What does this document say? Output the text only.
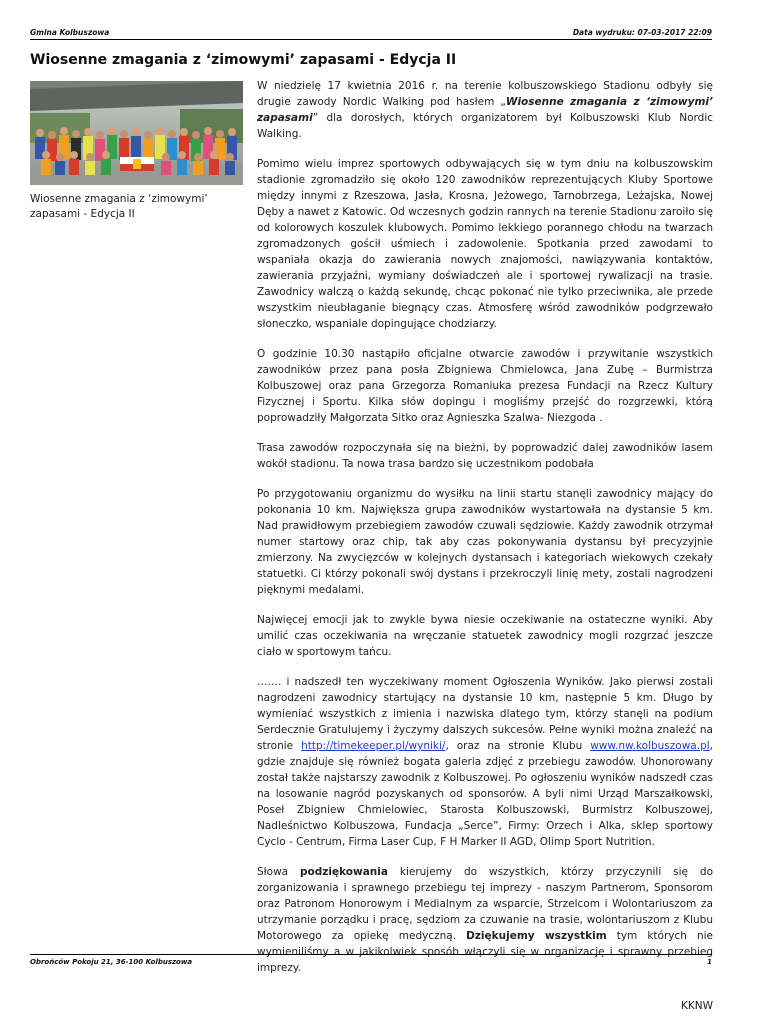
Gmina Kolbuszowa	Data wydruku: 07-03-2017 22:09
Wiosenne zmagania z ‘zimowymi’ zapasami - Edycja II
Wiosenne zmagania z ‘zimowymi’ zapasami - Edycja II

W niedzielę 17 kwietnia 2016 r. na terenie kolbuszowskiego Stadionu odbyły się drugie zawody Nordic Walking pod hasłem „Wiosenne zmagania z ‘zimowymi’ zapasami” dla dorosłych, których organizatorem był Kolbuszowski Klub Nordic Walking.

Pomimo wielu imprez sportowych odbywających się w tym dniu na kolbuszowskim stadionie zgromadziło się około 120 zawodników reprezentujących Kluby Sportowe między innymi z Rzeszowa, Jasła, Krosna, Jeżowego, Tarnobrzega, Leżajska, Nowej Dęby a nawet z Katowic. Od wczesnych godzin rannych na terenie Stadionu zaroiło się od kolorowych koszulek klubowych. Pomimo lekkiego porannego chłodu na twarzach zgromadzonych gościł uśmiech i zadowolenie. Spotkania przed zawodami to wspaniała okazja do zawierania nowych znajomości, nawiązywania kontaktów, zawierania przyjaźni, wymiany doświadczeń ale i sportowej rywalizacji na trasie. Zawodnicy walczą o każdą sekundę, chcąc pokonać nie tylko przeciwnika, ale przede wszystkim nieubłaganie biegnący czas. Atmosferę wśród zawodników podgrzewało słoneczko, wspaniale dopingujące chodziarzy.

O godzinie 10.30 nastąpiło oficjalne otwarcie zawodów i przywitanie wszystkich zawodników przez pana posła Zbigniewa Chmielowca, Jana Zubę – Burmistrza Kolbuszowej oraz pana Grzegorza Romaniuka prezesa Fundacji na Rzecz Kultury Fizycznej i Sportu. Kilka słów dopingu i mogliśmy przejść do rozgrzewki, którą poprowadziły Małgorzata Sitko oraz Agnieszka Szalwa- Niezgoda .

Trasa zawodów rozpoczynała się na bieżni, by poprowadzić dalej zawodników lasem wokół stadionu. Ta nowa trasa bardzo się uczestnikom podobała

Po przygotowaniu organizmu do wysiłku na linii startu stanęli zawodnicy mający do pokonania 10 km. Największa grupa zawodników wystartowała na dystansie 5 km. Nad prawidłowym przebiegiem zawodów czuwali sędziowie. Każdy zawodnik otrzymał numer startowy oraz chip, tak aby czas pokonywania dystansu był precyzyjnie zmierzony. Na zwycięzców w kolejnych dystansach i kategoriach wiekowych czekały statuetki. Ci którzy pokonali swój dystans i przekroczyli linię mety, zostali nagrodzeni pięknymi medalami.

Najwięcej emocji jak to zwykle bywa niesie oczekiwanie na ostateczne wyniki. Aby umilić czas oczekiwania na wręczanie statuetek zawodnicy mogli rozgrzać jeszcze ciało w sportowym tańcu.

……. i nadszedł ten wyczekiwany moment Ogłoszenia Wyników. Jako pierwsi zostali nagrodzeni zawodnicy startujący na dystansie 10 km, następnie 5 km. Długo by wymieniać wszystkich z imienia i nazwiska dlatego tym, którzy stanęli na podium Serdecznie Gratulujemy i życzymy dalszych sukcesów. Pełne wyniki można znaleźć na stronie http://timekeeper.pl/wyniki/, oraz na stronie Klubu www.nw.kolbuszowa.pl, gdzie znajduje się również bogata galeria zdjęć z przebiegu zawodów. Uhonorowany został także najstarszy zawodnik z Kolbuszowej. Po ogłoszeniu wyników nadszedł czas na losowanie nagród pozyskanych od sponsorów. A byli nimi Urząd Marszałkowski, Poseł Zbigniew Chmielowiec, Starosta Kolbuszowski, Burmistrz Kolbuszowej, Nadleśnictwo Kolbuszowa, Fundacja „Serce”, Firmy: Orzech i Alka, sklep sportowy Cyclo - Centrum, Firma Laser Cup, F H Marker II AGD, Olimp Sport Nutrition.

Słowa podziękowania kierujemy do wszystkich, którzy przyczynili się do zorganizowania i sprawnego przebiegu tej imprezy - naszym Partnerom, Sponsorom oraz Patronom Honorowym i Medialnym za wsparcie, Strzelcom i Wolontariuszom za utrzymanie porządku i pracę, sędziom za czuwanie na trasie, wolontariuszom z Klubu Motorowego za opiekę medyczną. Dziękujemy wszystkim tym których nie wymieniliśmy a w jakikolwiek sposób włączyli się w organizację i sprawny przebieg imprezy.

KKNW

Obrońców Pokoju 21, 36-100 Kolbuszowa	1
